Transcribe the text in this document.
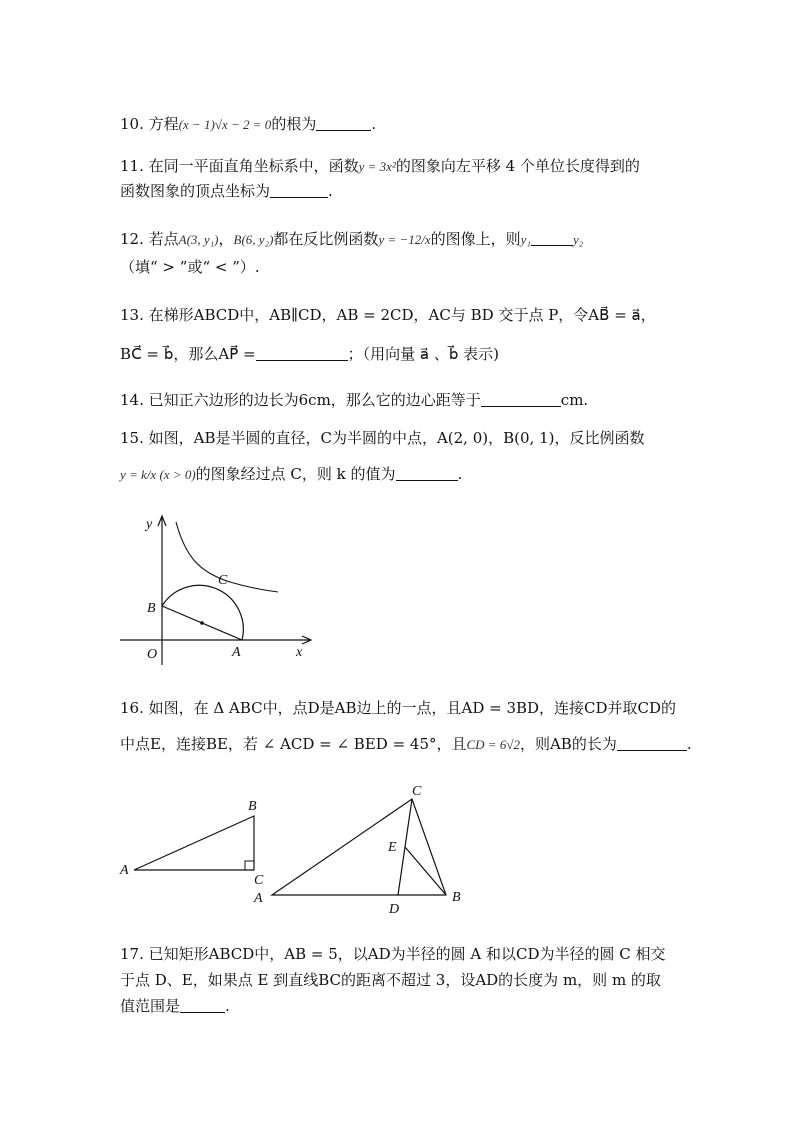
10. 方程(x − 1)√x − 2 = 0的根为	.
11. 在同一平面直角坐标系中，函数y = 3x²的图象向左平移 4 个单位长度得到的
函数图象的顶点坐标为	.
12. 若点A(3, y₁)，B(6, y₂)都在反比例函数y = −12/x的图像上，则y₁	y₂
（填“ > ”或“ < ”）.
13. 在梯形ABCD中，AB∥CD，AB = 2CD，AC与 BD 交于点 P，令AB⃗ = a⃗，
BC⃗ = b⃗，那么AP⃗ =	；（用向量 a⃗ 、b⃗ 表示)
14. 已知正六边形的边长为6cm，那么它的边心距等于	cm.
15. 如图，AB是半圆的直径，C为半圆的中点，A(2, 0)，B(0, 1)，反比例函数
y = k/x (x > 0)的图象经过点 C，则 k 的值为	.
y
x
O	A
B
C
16. 如图，在 Δ ABC中，点D是AB边上的一点，且AD = 3BD，连接CD并取CD的
中点E，连接BE，若 ∠ ACD = ∠ BED = 45°，且CD = 6√2，则AB的长为	.
A
B
C
A	B
C
D
E
17. 已知矩形ABCD中，AB = 5，以AD为半径的圆 A 和以CD为半径的圆 C 相交
于点 D、E，如果点 E 到直线BC的距离不超过 3，设AD的长度为 m，则 m 的取
值范围是	.
